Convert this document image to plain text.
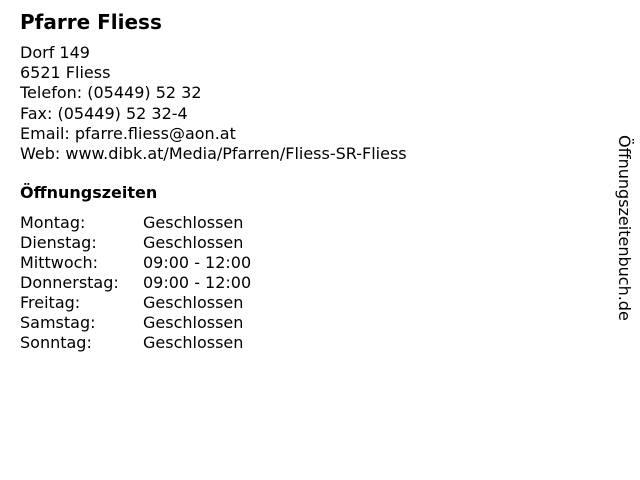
Pfarre Fliess
Dorf 149
6521 Fliess
Telefon: (05449) 52 32
Fax: (05449) 52 32-4
Email: pfarre.fliess@aon.at
Web: www.dibk.at/Media/Pfarren/Fliess-SR-Fliess
Öffnungszeiten
Montag:	Geschlossen
Dienstag:	Geschlossen
Mittwoch:	09:00 - 12:00
Donnerstag:	09:00 - 12:00
Freitag:	Geschlossen
Samstag:	Geschlossen
Sonntag:	Geschlossen
Öffnungszeitenbuch.de
